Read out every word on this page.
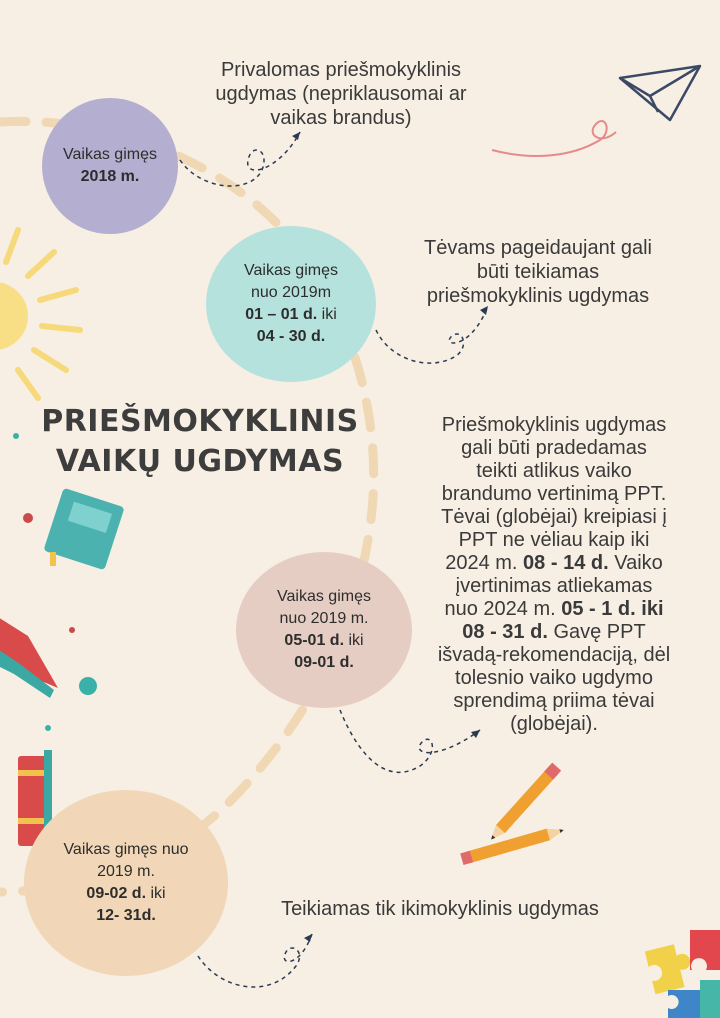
Vaikas gimęs
2018 m.
Vaikas gimęs
nuo 2019m
01 – 01 d. iki
04 - 30 d.
Vaikas gimęs
nuo 2019 m.
05-01 d. iki
09-01 d.
Vaikas gimęs nuo
2019 m.
09-02 d. iki
12- 31d.
PRIEŠMOKYKLINIS
VAIKŲ UGDYMAS
Privalomas priešmokyklinis
ugdymas (nepriklausomai ar
vaikas brandus)
Tėvams pageidaujant gali
būti teikiamas
priešmokyklinis ugdymas
Priešmokyklinis ugdymas
gali būti pradedamas
teikti atlikus vaiko
brandumo vertinimą PPT.
Tėvai (globėjai) kreipiasi į
PPT ne vėliau kaip iki
2024 m. 08 - 14 d. Vaiko
įvertinimas atliekamas
nuo 2024 m. 05 - 1 d. iki
08 - 31 d. Gavę PPT
išvadą-rekomendaciją, dėl
tolesnio vaiko ugdymo
sprendimą priima tėvai
(globėjai).
Teikiamas tik ikimokyklinis ugdymas
